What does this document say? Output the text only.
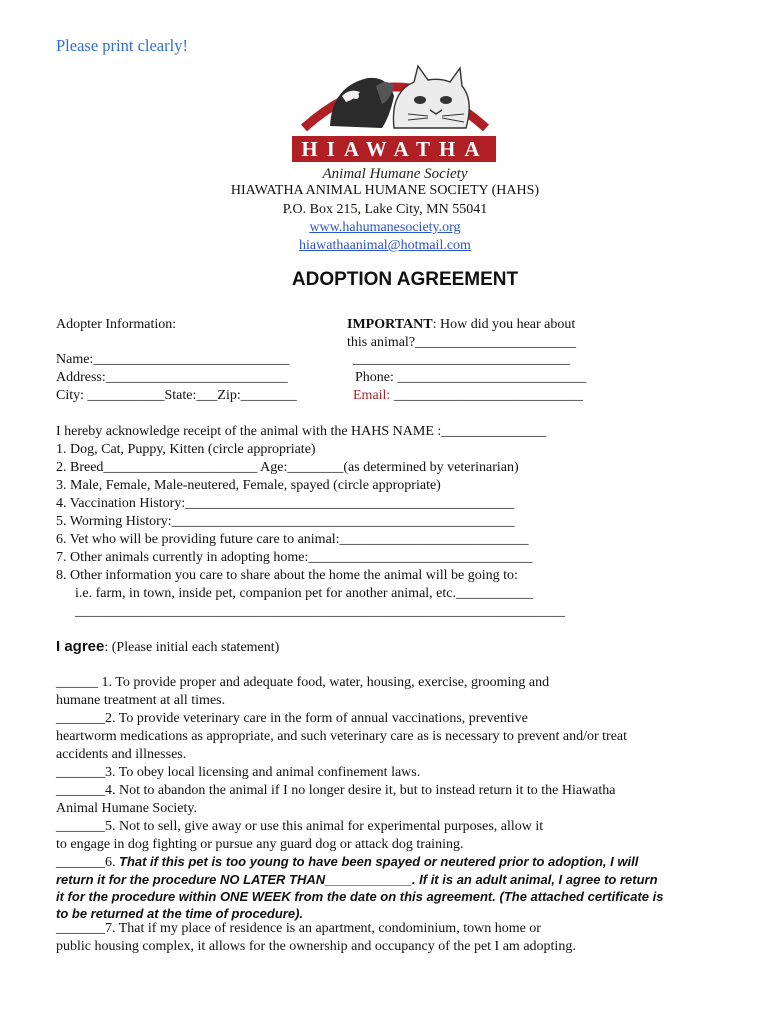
Please print clearly!
HIAWATHA
Animal Humane Society
HIAWATHA ANIMAL HUMANE SOCIETY (HAHS)
P.O. Box 215, Lake City, MN 55041
www.hahumanesociety.org
hiawathaanimal@hotmail.com
ADOPTION AGREEMENT
Adopter Information:
Name:____________________________
Address:__________________________
City: ___________State:___Zip:________
IMPORTANT: How did you hear about
this animal?_______________________
_______________________________
Phone: ___________________________
Email: ___________________________
I hereby acknowledge receipt of the animal with the HAHS NAME :_______________
1. Dog, Cat, Puppy, Kitten (circle appropriate)
2. Breed______________________ Age:________(as determined by veterinarian)
3. Male, Female, Male-neutered, Female, spayed (circle appropriate)
4. Vaccination History:_______________________________________________
5. Worming History:_________________________________________________
6. Vet who will be providing future care to animal:___________________________
7. Other animals currently in adopting home:________________________________
8. Other information you care to share about the home the animal will be going to:
i.e. farm, in town, inside pet, companion pet for another animal, etc.___________
______________________________________________________________________
I agree: (Please initial each statement)
______ 1. To provide proper and adequate food, water, housing, exercise, grooming and
humane treatment at all times.
_______2. To provide veterinary care in the form of annual vaccinations, preventive
heartworm medications as appropriate, and such veterinary care as is necessary to prevent and/or treat
accidents and illnesses.
_______3. To obey local licensing and animal confinement laws.
_______4. Not to abandon the animal if I no longer desire it, but to instead return it to the Hiawatha
Animal Humane Society.
_______5. Not to sell, give away or use this animal for experimental purposes, allow it
to engage in dog fighting or pursue any guard dog or attack dog training.
_______6. That if this pet is too young to have been spayed or neutered prior to adoption, I will
return it for the procedure NO LATER THAN____________. If it is an adult animal, I agree to return
it for the procedure within ONE WEEK from the date on this agreement. (The attached certificate is
to be returned at the time of procedure).
_______7. That if my place of residence is an apartment, condominium, town home or
public housing complex, it allows for the ownership and occupancy of the pet I am adopting.
